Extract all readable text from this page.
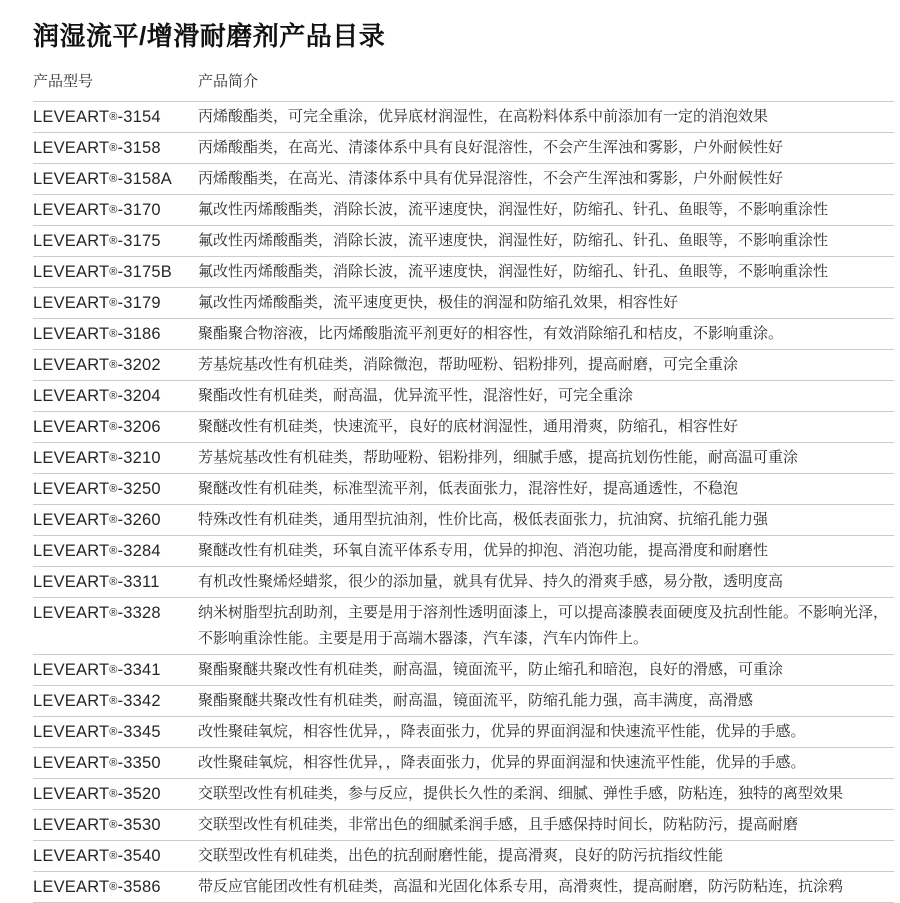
润湿流平/增滑耐磨剂产品目录
产品型号	产品简介
LEVEART®-3154	丙烯酸酯类，可完全重涂，优异底材润湿性，在高粉料体系中前添加有一定的消泡效果
LEVEART®-3158	丙烯酸酯类，在高光、清漆体系中具有良好混溶性，不会产生浑浊和雾影，户外耐候性好
LEVEART®-3158A	丙烯酸酯类，在高光、清漆体系中具有优异混溶性，不会产生浑浊和雾影，户外耐候性好
LEVEART®-3170	氟改性丙烯酸酯类，消除长波，流平速度快，润湿性好，防缩孔、针孔、鱼眼等，不影响重涂性
LEVEART®-3175	氟改性丙烯酸酯类，消除长波，流平速度快，润湿性好，防缩孔、针孔、鱼眼等，不影响重涂性
LEVEART®-3175B	氟改性丙烯酸酯类，消除长波，流平速度快，润湿性好，防缩孔、针孔、鱼眼等，不影响重涂性
LEVEART®-3179	氟改性丙烯酸酯类，流平速度更快，极佳的润湿和防缩孔效果，相容性好
LEVEART®-3186	聚酯聚合物溶液，比丙烯酸脂流平剂更好的相容性，有效消除缩孔和桔皮，不影响重涂。
LEVEART®-3202	芳基烷基改性有机硅类，消除微泡，帮助哑粉、铝粉排列，提高耐磨，可完全重涂
LEVEART®-3204	聚酯改性有机硅类，耐高温，优异流平性，混溶性好，可完全重涂
LEVEART®-3206	聚醚改性有机硅类，快速流平，良好的底材润湿性，通用滑爽，防缩孔，相容性好
LEVEART®-3210	芳基烷基改性有机硅类，帮助哑粉、铝粉排列，细腻手感，提高抗划伤性能，耐高温可重涂
LEVEART®-3250	聚醚改性有机硅类，标准型流平剂，低表面张力，混溶性好，提高通透性，不稳泡
LEVEART®-3260	特殊改性有机硅类，通用型抗油剂，性价比高，极低表面张力，抗油窝、抗缩孔能力强
LEVEART®-3284	聚醚改性有机硅类，环氧自流平体系专用，优异的抑泡、消泡功能，提高滑度和耐磨性
LEVEART®-3311	有机改性聚烯烃蜡浆，很少的添加量，就具有优异、持久的滑爽手感，易分散，透明度高
LEVEART®-3328	纳米树脂型抗刮助剂，主要是用于溶剂性透明面漆上，可以提高漆膜表面硬度及抗刮性能。不影响光泽，不影响重涂性能。主要是用于高端木器漆，汽车漆，汽车内饰件上。
LEVEART®-3341	聚酯聚醚共聚改性有机硅类，耐高温，镜面流平，防止缩孔和暗泡，良好的滑感，可重涂
LEVEART®-3342	聚酯聚醚共聚改性有机硅类，耐高温，镜面流平，防缩孔能力强，高丰满度，高滑感
LEVEART®-3345	改性聚硅氧烷，相容性优异，，降表面张力，优异的界面润湿和快速流平性能，优异的手感。
LEVEART®-3350	改性聚硅氧烷，相容性优异，，降表面张力，优异的界面润湿和快速流平性能，优异的手感。
LEVEART®-3520	交联型改性有机硅类，参与反应，提供长久性的柔润、细腻、弹性手感，防粘连，独特的离型效果
LEVEART®-3530	交联型改性有机硅类，非常出色的细腻柔润手感，且手感保持时间长，防粘防污，提高耐磨
LEVEART®-3540	交联型改性有机硅类，出色的抗刮耐磨性能，提高滑爽，良好的防污抗指纹性能
LEVEART®-3586	带反应官能团改性有机硅类，高温和光固化体系专用，高滑爽性，提高耐磨，防污防粘连，抗涂鸦
